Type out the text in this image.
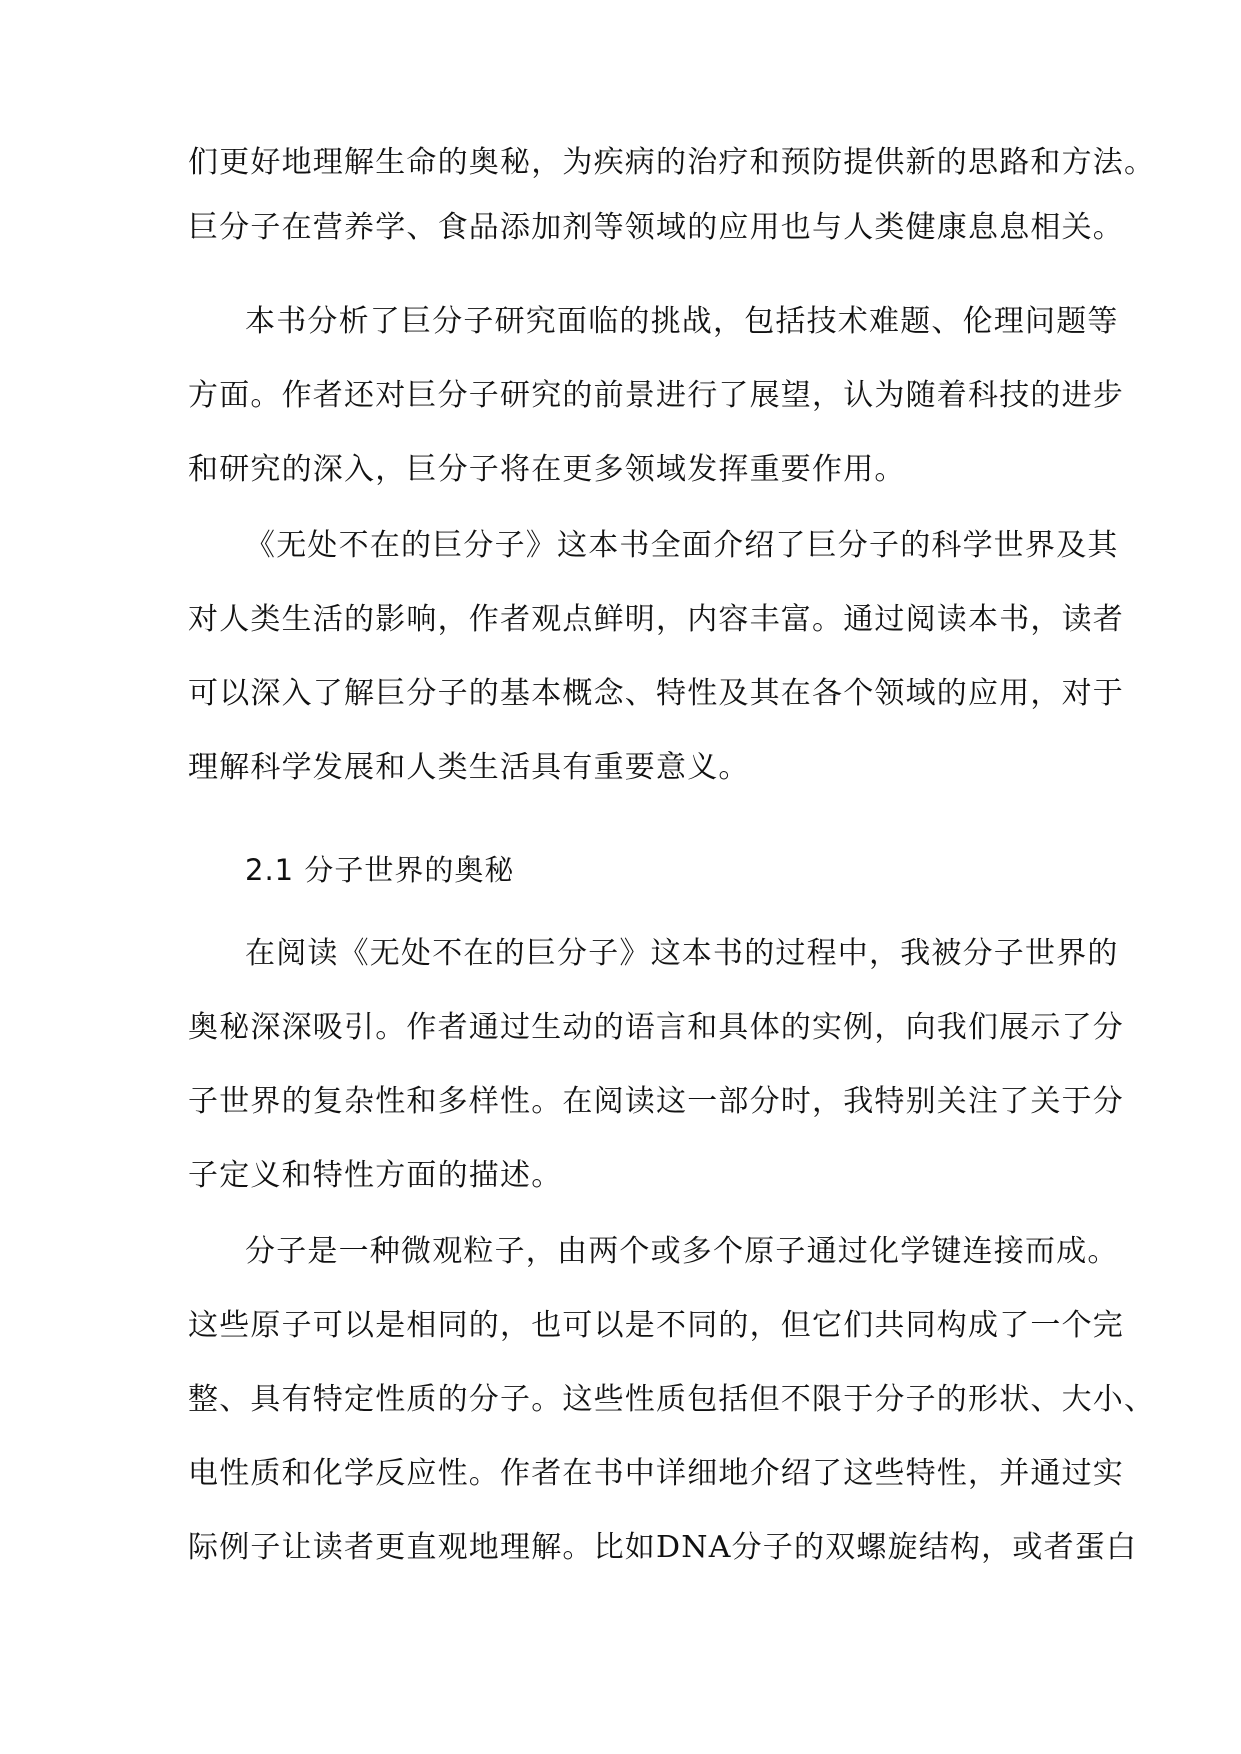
们更好地理解生命的奥秘，为疾病的治疗和预防提供新的思路和方法。
巨分子在营养学、食品添加剂等领域的应用也与人类健康息息相关。
本书分析了巨分子研究面临的挑战，包括技术难题、伦理问题等
方面。作者还对巨分子研究的前景进行了展望，认为随着科技的进步
和研究的深入，巨分子将在更多领域发挥重要作用。
《无处不在的巨分子》这本书全面介绍了巨分子的科学世界及其
对人类生活的影响，作者观点鲜明，内容丰富。通过阅读本书，读者
可以深入了解巨分子的基本概念、特性及其在各个领域的应用，对于
理解科学发展和人类生活具有重要意义。
2.1 分子世界的奥秘
在阅读《无处不在的巨分子》这本书的过程中，我被分子世界的
奥秘深深吸引。作者通过生动的语言和具体的实例，向我们展示了分
子世界的复杂性和多样性。在阅读这一部分时，我特别关注了关于分
子定义和特性方面的描述。
分子是一种微观粒子，由两个或多个原子通过化学键连接而成。
这些原子可以是相同的，也可以是不同的，但它们共同构成了一个完
整、具有特定性质的分子。这些性质包括但不限于分子的形状、大小、
电性质和化学反应性。作者在书中详细地介绍了这些特性，并通过实
际例子让读者更直观地理解。比如DNA分子的双螺旋结构，或者蛋白
